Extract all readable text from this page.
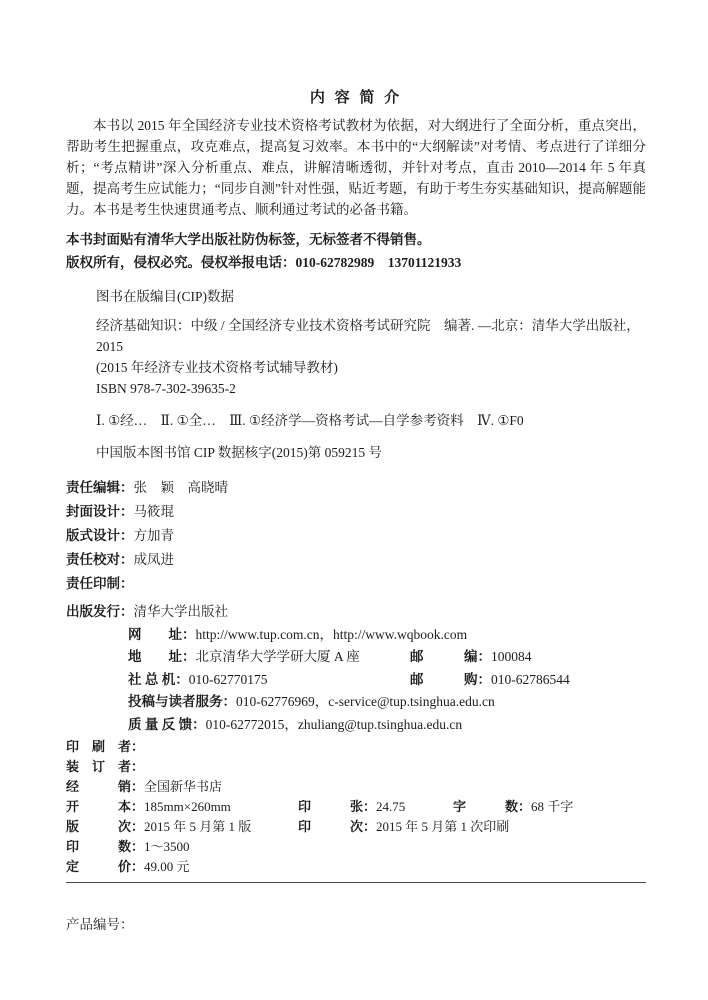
内 容 简 介

本书以 2015 年全国经济专业技术资格考试教材为依据，对大纲进行了全面分析，重点突出，帮助考生把握重点，攻克难点，提高复习效率。本书中的“大纲解读”对考情、考点进行了详细分析；“考点精讲”深入分析重点、难点，讲解清晰透彻，并针对考点，直击 2010—2014 年 5 年真题，提高考生应试能力；“同步自测”针对性强，贴近考题，有助于考生夯实基础知识，提高解题能力。本书是考生快速贯通考点、顺利通过考试的必备书籍。

本书封面贴有清华大学出版社防伪标签，无标签者不得销售。

版权所有，侵权必究。侵权举报电话：010-62782989　13701121933

图书在版编目(CIP)数据

经济基础知识：中级 / 全国经济专业技术资格考试研究院　编著. —北京：清华大学出版社，2015

(2015 年经济专业技术资格考试辅导教材)

ISBN 978-7-302-39635-2

Ⅰ. ①经…　Ⅱ. ①全…　Ⅲ. ①经济学—资格考试—自学参考资料　Ⅳ. ①F0

中国版本图书馆 CIP 数据核字(2015)第 059215 号

责任编辑：张　颖　高晓晴
封面设计：马筱琨
版式设计：方加青
责任校对：成凤进
责任印制：
出版发行：清华大学出版社
网　　址：http://www.tup.com.cn，http://www.wqbook.com
地　　址：北京清华大学学研大厦 A 座	邮　　　编：100084
社 总 机：010-62770175	邮　　　购：010-62786544
投稿与读者服务：010-62776969，c-service@tup.tsinghua.edu.cn
质 量 反 馈：010-62772015，zhuliang@tup.tsinghua.edu.cn
印　刷　者：
装　订　者：
经　　　销：全国新华书店
开　　　本：185mm×260mm	印　　　张：24.75	字　　　数：68 千字
版　　　次：2015 年 5 月第 1 版	印　　　次：2015 年 5 月第 1 次印刷
印　　　数：1～3500
定　　　价：49.00 元
产品编号：
